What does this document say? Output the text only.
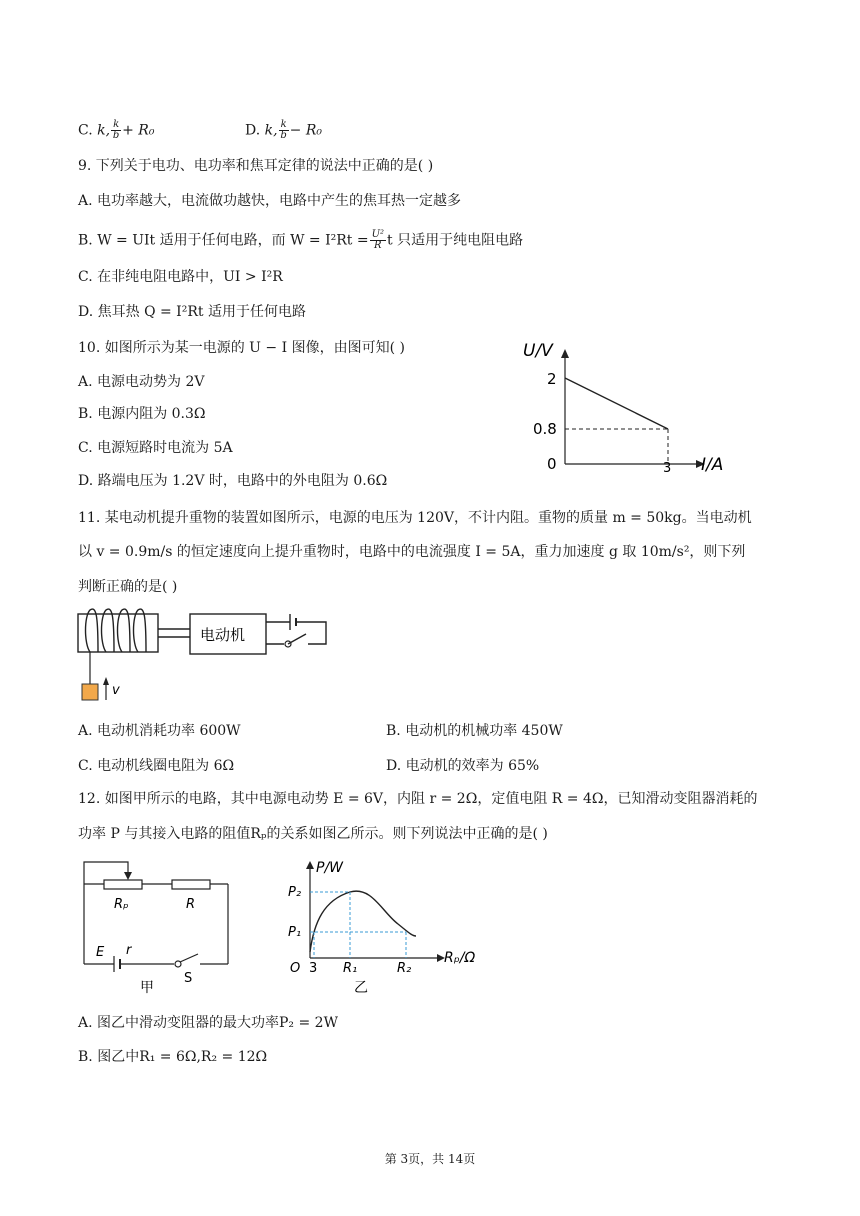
C. k, $\frac{k}{b} + R_0$	D. k, $\frac{k}{b} - R_0$
9. 下列关于电功、电功率和焦耳定律的说法中正确的是( )
A. 电功率越大，电流做功越快，电路中产生的焦耳热一定越多
B. W = UIt 适用于任何电路，而 $W = I^2Rt = \frac{\text{U²}}{R}$ t 只适用于纯电阻电路
C. 在非纯电阻电路中，UI > I²R
D. 焦耳热 Q = I²Rt 适用于任何电路
10. 如图所示为某一电源的 U − I 图像，由图可知( )
A. 电源电动势为 2V
B. 电源内阻为 0.3Ω
C. 电源短路时电流为 5A
D. 路端电压为 1.2V 时，电路中的外电阻为 0.6Ω
U/V
2
0.8
0	3 I/A
11. 某电动机提升重物的装置如图所示，电源的电压为 120V，不计内阻。重物的质量 m = 50kg。当电动机
以 v = 0.9m/s 的恒定速度向上提升重物时，电路中的电流强度 I = 5A，重力加速度 g 取 10m/s²，则下列
判断正确的是( )
电动机
v
A. 电动机消耗功率 600W	B. 电动机的机械功率 450W
C. 电动机线圈电阻为 6Ω	D. 电动机的效率为 65%
12. 如图甲所示的电路，其中电源电动势 E = 6V，内阻 r = 2Ω，定值电阻 R = 4Ω，已知滑动变阻器消耗的
功率 P 与其接入电路的阻值Rₚ的关系如图乙所示。则下列说法中正确的是( )
Rₚ	R
E r
S
甲
P/W
P₂
P₁
O 3 R₁	R₂
Rₚ/Ω
乙
A. 图乙中滑动变阻器的最大功率P₂ = 2W
B. 图乙中R₁ = 6Ω,R₂ = 12Ω
第 3页，共 14页
